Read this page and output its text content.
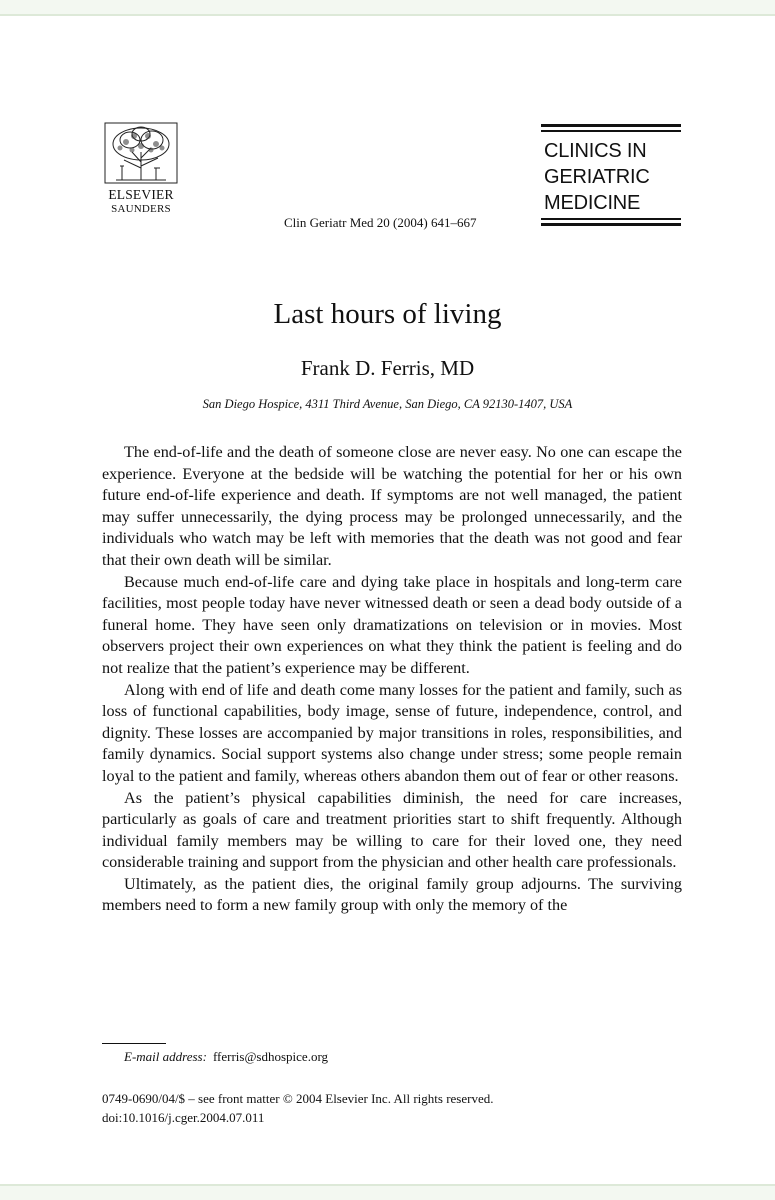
ELSEVIER
SAUNDERS
Clin Geriatr Med 20 (2004) 641–667
CLINICS IN
GERIATRIC
MEDICINE
Last hours of living
Frank D. Ferris, MD
San Diego Hospice, 4311 Third Avenue, San Diego, CA 92130-1407, USA

The end-of-life and the death of someone close are never easy. No one can escape the experience. Everyone at the bedside will be watching the potential for her or his own future end-of-life experience and death. If symptoms are not well managed, the patient may suffer unnecessarily, the dying process may be prolonged unnecessarily, and the individuals who watch may be left with memories that the death was not good and fear that their own death will be similar.

Because much end-of-life care and dying take place in hospitals and long-term care facilities, most people today have never witnessed death or seen a dead body outside of a funeral home. They have seen only dramatizations on television or in movies. Most observers project their own experiences on what they think the patient is feeling and do not realize that the patient’s experience may be different.

Along with end of life and death come many losses for the patient and family, such as loss of functional capabilities, body image, sense of future, independence, control, and dignity. These losses are accompanied by major transitions in roles, responsibilities, and family dynamics. Social support systems also change under stress; some people remain loyal to the patient and family, whereas others abandon them out of fear or other reasons.

As the patient’s physical capabilities diminish, the need for care increases, particularly as goals of care and treatment priorities start to shift frequently. Although individual family members may be willing to care for their loved one, they need considerable training and support from the physician and other health care professionals.

Ultimately, as the patient dies, the original family group adjourns. The surviving members need to form a new family group with only the memory of the

E-mail address: fferris@sdhospice.org
0749-0690/04/$ – see front matter © 2004 Elsevier Inc. All rights reserved.
doi:10.1016/j.cger.2004.07.011
